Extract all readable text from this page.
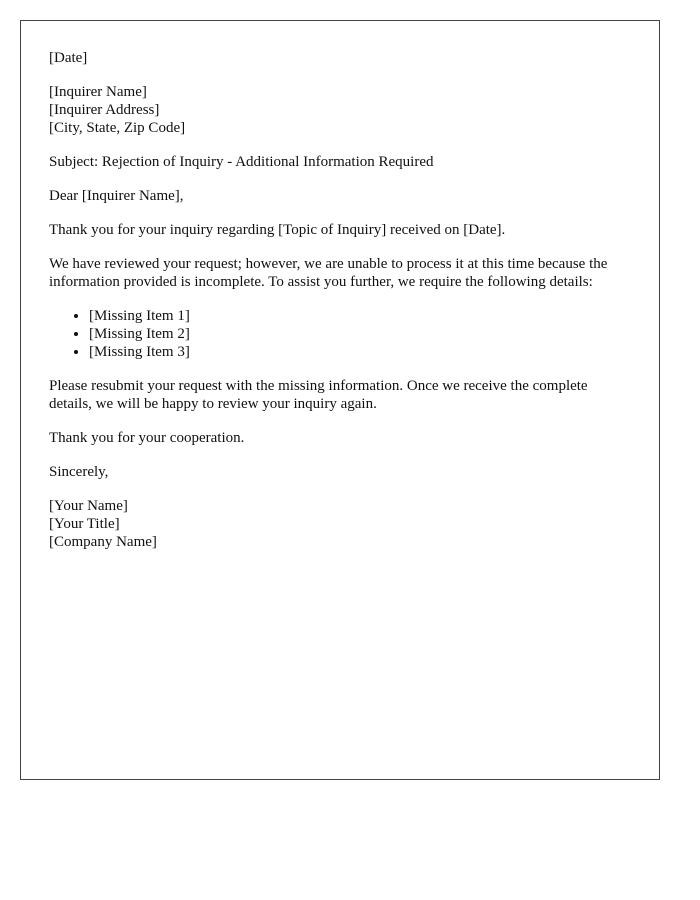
[Date]
[Inquirer Name]
[Inquirer Address]
[City, State, Zip Code]

Subject: Rejection of Inquiry - Additional Information Required

Dear [Inquirer Name],

Thank you for your inquiry regarding [Topic of Inquiry] received on [Date].

We have reviewed your request; however, we are unable to process it at this time because the information provided is incomplete. To assist you further, we require the following details:

• [Missing Item 1]
• [Missing Item 2]
• [Missing Item 3]

Please resubmit your request with the missing information. Once we receive the complete details, we will be happy to review your inquiry again.

Thank you for your cooperation.

Sincerely,

[Your Name]
[Your Title]
[Company Name]
